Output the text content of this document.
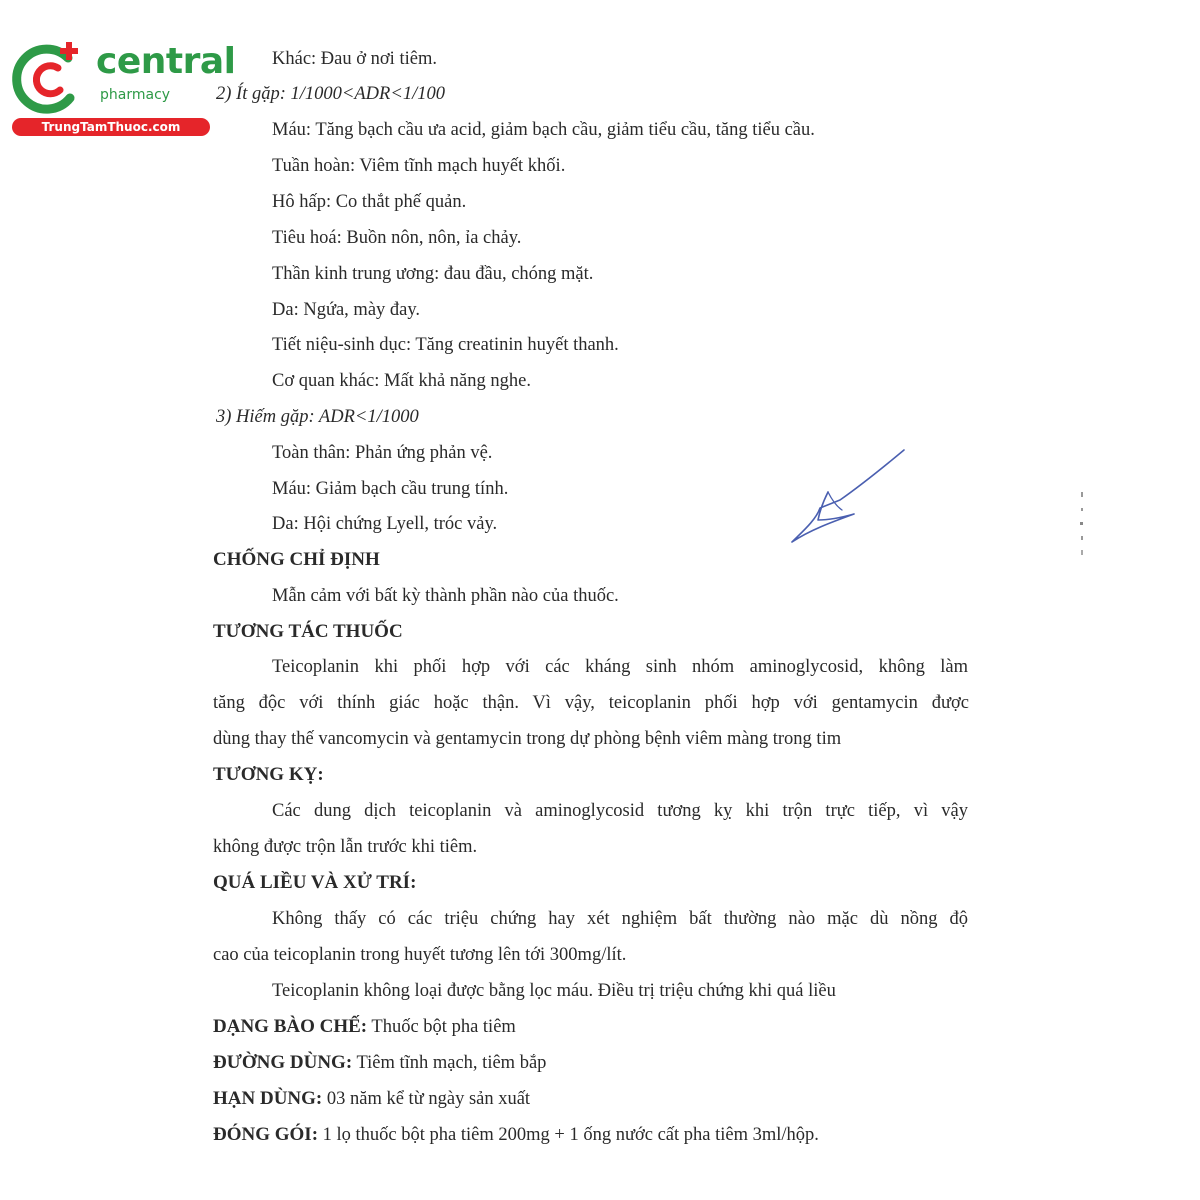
central
pharmacy
TrungTamThuoc.com
Khác: Đau ở nơi tiêm.
2) Ít gặp: 1/1000<ADR<1/100
Máu: Tăng bạch cầu ưa acid, giảm bạch cầu, giảm tiểu cầu, tăng tiểu cầu.
Tuần hoàn: Viêm tĩnh mạch huyết khối.
Hô hấp: Co thắt phế quản.
Tiêu hoá: Buồn nôn, nôn, ỉa chảy.
Thần kinh trung ương: đau đầu, chóng mặt.
Da: Ngứa, mày đay.
Tiết niệu-sinh dục: Tăng creatinin huyết thanh.
Cơ quan khác: Mất khả năng nghe.
3) Hiếm gặp: ADR<1/1000
Toàn thân: Phản ứng phản vệ.
Máu: Giảm bạch cầu trung tính.
Da: Hội chứng Lyell, tróc vảy.
CHỐNG CHỈ ĐỊNH
Mẫn cảm với bất kỳ thành phần nào của thuốc.
TƯƠNG TÁC THUỐC
Teicoplanin khi phối hợp với các kháng sinh nhóm aminoglycosid, không làm
tăng độc với thính giác hoặc thận. Vì vậy, teicoplanin phối hợp với gentamycin được
dùng thay thế vancomycin và gentamycin trong dự phòng bệnh viêm màng trong tim
TƯƠNG KỴ:
Các dung dịch teicoplanin và aminoglycosid tương kỵ khi trộn trực tiếp, vì vậy
không được trộn lẫn trước khi tiêm.
QUÁ LIỀU VÀ XỬ TRÍ:
Không thấy có các triệu chứng hay xét nghiệm bất thường nào mặc dù nồng độ
cao của teicoplanin trong huyết tương lên tới 300mg/lít.
Teicoplanin không loại được bằng lọc máu. Điều trị triệu chứng khi quá liều
DẠNG BÀO CHẾ: Thuốc bột pha tiêm
ĐƯỜNG DÙNG: Tiêm tĩnh mạch, tiêm bắp
HẠN DÙNG: 03 năm kể từ ngày sản xuất
ĐÓNG GÓI: 1 lọ thuốc bột pha tiêm 200mg + 1 ống nước cất pha tiêm 3ml/hộp.
